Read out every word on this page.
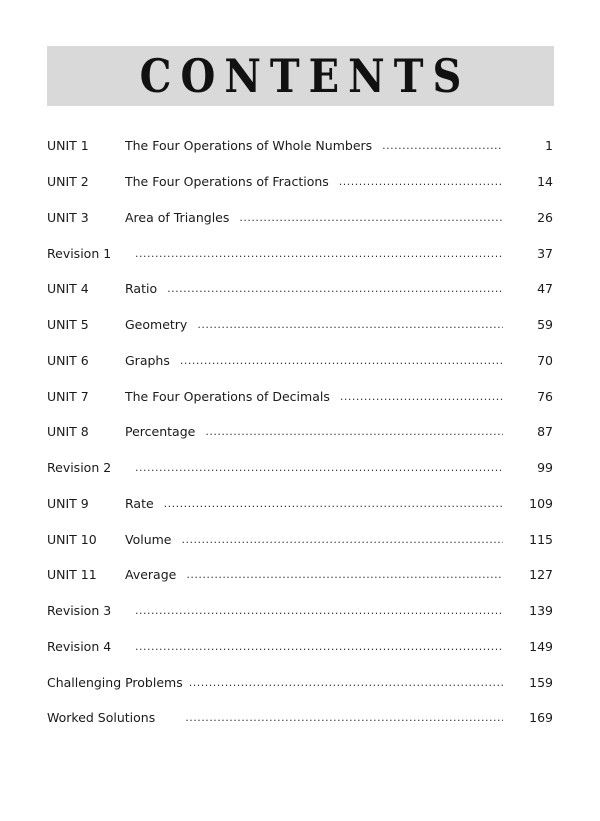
CONTENTS
UNIT 1	The Four Operations of Whole Numbers .....	1
UNIT 2	The Four Operations of Fractions .....	14
UNIT 3	Area of Triangles .....	26
Revision 1 .....	37
UNIT 4	Ratio .....	47
UNIT 5	Geometry .....	59
UNIT 6	Graphs .....	70
UNIT 7	The Four Operations of Decimals .....	76
UNIT 8	Percentage .....	87
Revision 2 .....	99
UNIT 9	Rate .....	109
UNIT 10	Volume .....	115
UNIT 11	Average .....	127
Revision 3 .....	139
Revision 4 .....	149
Challenging Problems .....	159
Worked Solutions .....	169
